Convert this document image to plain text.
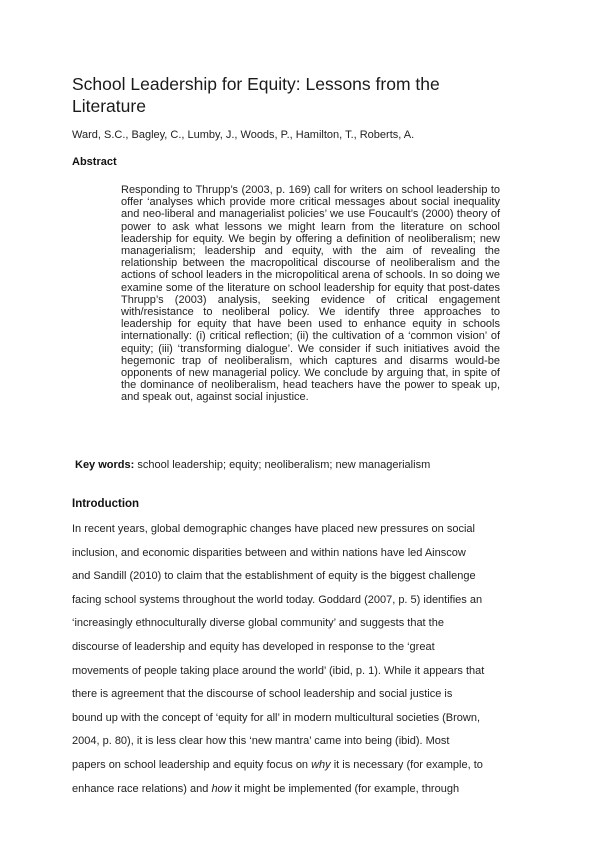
School Leadership for Equity: Lessons from the
Literature
Ward, S.C., Bagley, C., Lumby, J., Woods, P., Hamilton, T., Roberts, A.
Abstract

Responding to Thrupp’s (2003, p. 169) call for writers on school leadership to offer ‘analyses which provide more critical messages about social inequality and neo-liberal and managerialist policies’ we use Foucault’s (2000) theory of power to ask what lessons we might learn from the literature on school leadership for equity. We begin by offering a definition of neoliberalism; new managerialism; leadership and equity, with the aim of revealing the relationship between the macropolitical discourse of neoliberalism and the actions of school leaders in the micropolitical arena of schools. In so doing we examine some of the literature on school leadership for equity that post-dates Thrupp’s (2003) analysis, seeking evidence of critical engagement with/resistance to neoliberal policy. We identify three approaches to leadership for equity that have been used to enhance equity in schools internationally: (i) critical reflection; (ii) the cultivation of a ‘common vision’ of equity; (iii) ‘transforming dialogue’. We consider if such initiatives avoid the hegemonic trap of neoliberalism, which captures and disarms would-be opponents of new managerial policy. We conclude by arguing that, in spite of the dominance of neoliberalism, head teachers have the power to speak up, and speak out, against social injustice.

Key words: school leadership; equity; neoliberalism; new managerialism
Introduction
In recent years, global demographic changes have placed new pressures on social
inclusion, and economic disparities between and within nations have led Ainscow
and Sandill (2010) to claim that the establishment of equity is the biggest challenge
facing school systems throughout the world today. Goddard (2007, p. 5) identifies an
‘increasingly ethnoculturally diverse global community’ and suggests that the
discourse of leadership and equity has developed in response to the ‘great
movements of people taking place around the world’ (ibid, p. 1). While it appears that
there is agreement that the discourse of school leadership and social justice is
bound up with the concept of ‘equity for all’ in modern multicultural societies (Brown,
2004, p. 80), it is less clear how this ‘new mantra’ came into being (ibid). Most
papers on school leadership and equity focus on why it is necessary (for example, to
enhance race relations) and how it might be implemented (for example, through
